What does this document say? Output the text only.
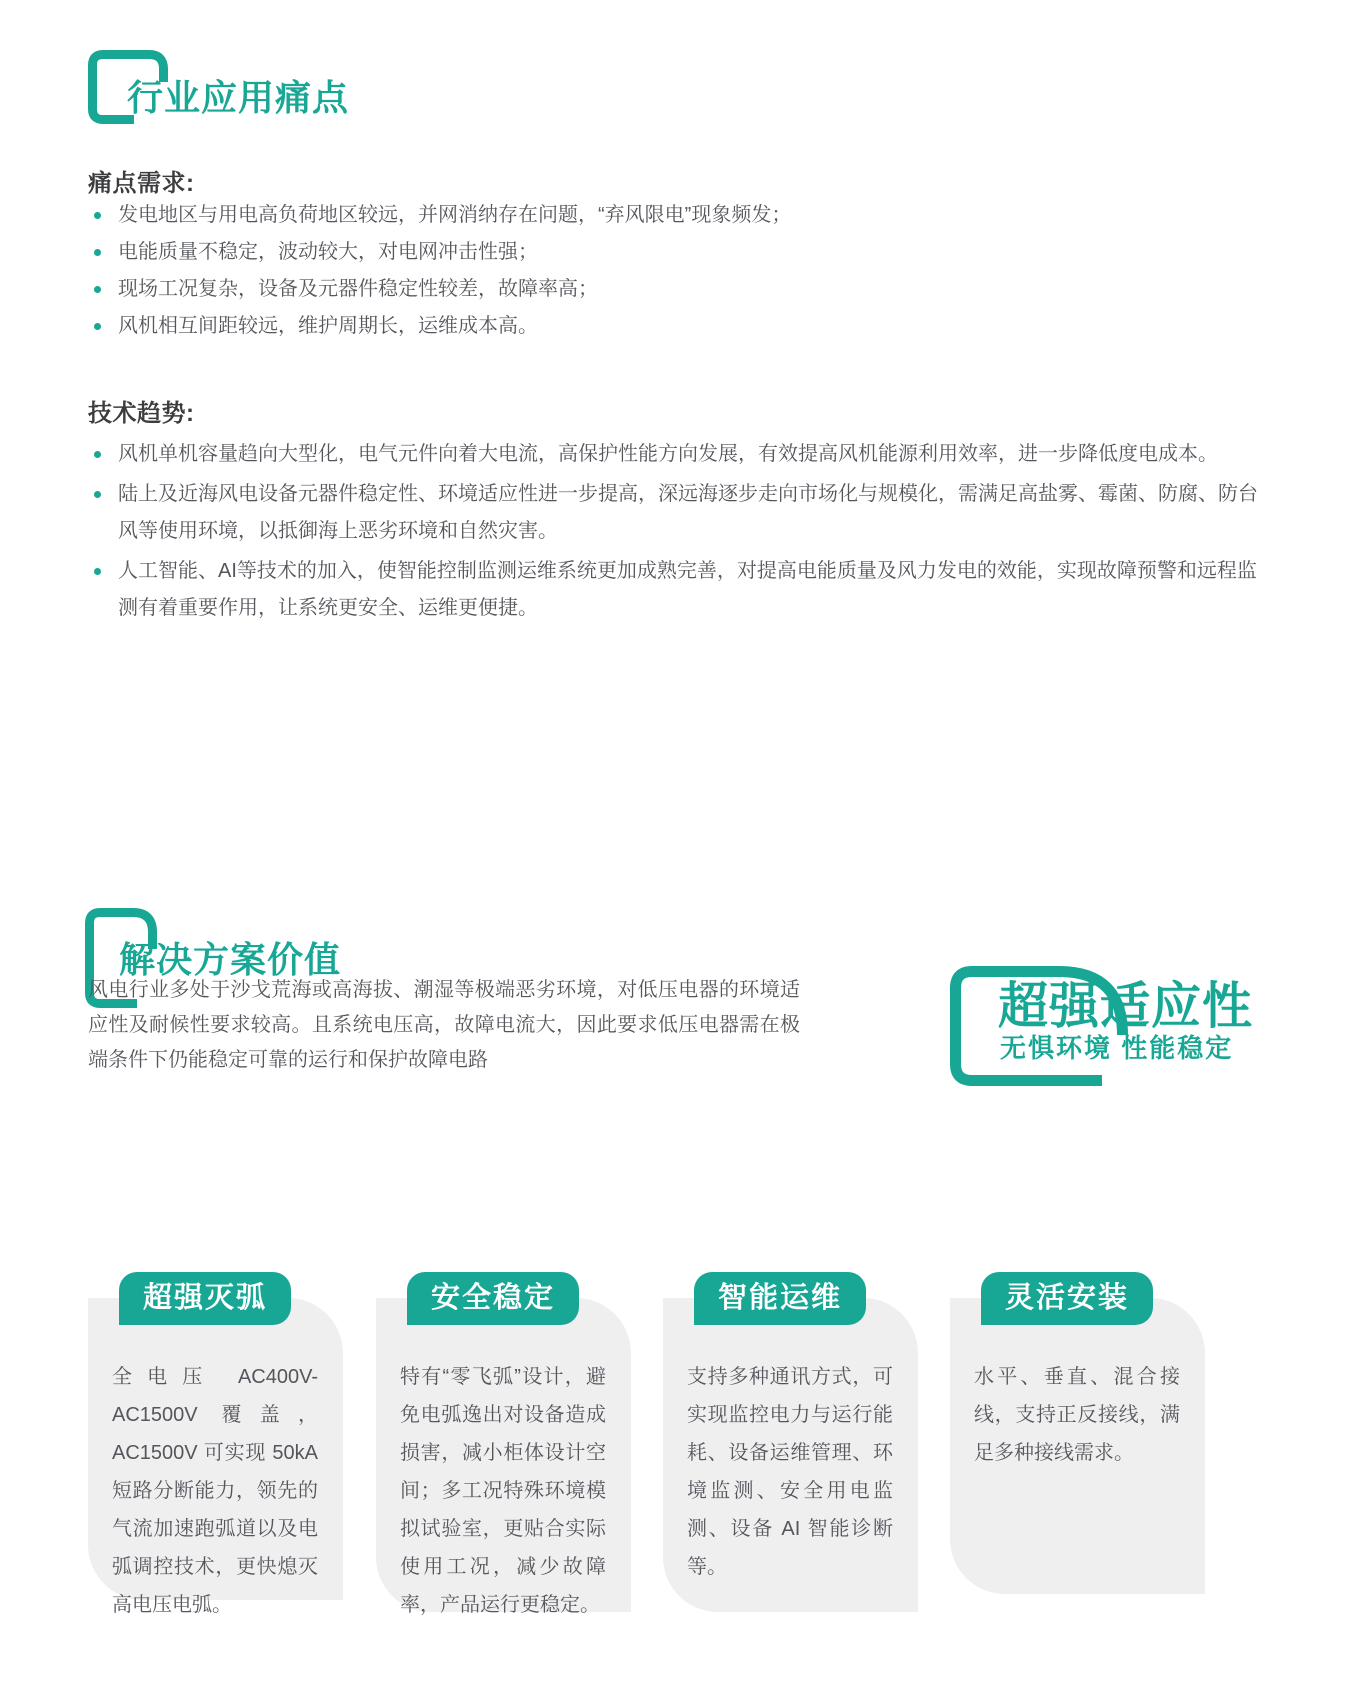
行业应用痛点
痛点需求:
发电地区与用电高负荷地区较远，并网消纳存在问题，“弃风限电”现象频发；
电能质量不稳定，波动较大，对电网冲击性强；
现场工况复杂，设备及元器件稳定性较差，故障率高；
风机相互间距较远，维护周期长，运维成本高。
技术趋势:
风机单机容量趋向大型化，电气元件向着大电流，高保护性能方向发展，有效提高风机能源利用效率，进一步降低度电成本。
陆上及近海风电设备元器件稳定性、环境适应性进一步提高，深远海逐步走向市场化与规模化，需满足高盐雾、霉菌、防腐、防台风等使用环境，以抵御海上恶劣环境和自然灾害。
人工智能、AI等技术的加入，使智能控制监测运维系统更加成熟完善，对提高电能质量及风力发电的效能，实现故障预警和远程监测有着重要作用，让系统更安全、运维更便捷。
解决方案价值
风电行业多处于沙戈荒海或高海拔、潮湿等极端恶劣环境，对低压电器的环境适应性及耐候性要求较高。且系统电压高，故障电流大，因此要求低压电器需在极端条件下仍能稳定可靠的运行和保护故障电路
超强适应性
无惧环境 性能稳定
全电压 AC400V-AC1500V 覆盖，AC1500V 可实现 50kA 短路分断能力，领先的气流加速跑弧道以及电弧调控技术，更快熄灭高电压电弧。
超强灭弧
特有“零飞弧”设计，避免电弧逸出对设备造成损害，减小柜体设计空间；多工况特殊环境模拟试验室，更贴合实际使用工况，减少故障率，产品运行更稳定。
安全稳定
支持多种通讯方式，可实现监控电力与运行能耗、设备运维管理、环境监测、安全用电监测、设备 AI 智能诊断等。
智能运维
水平、垂直、混合接线，支持正反接线，满足多种接线需求。
灵活安装
